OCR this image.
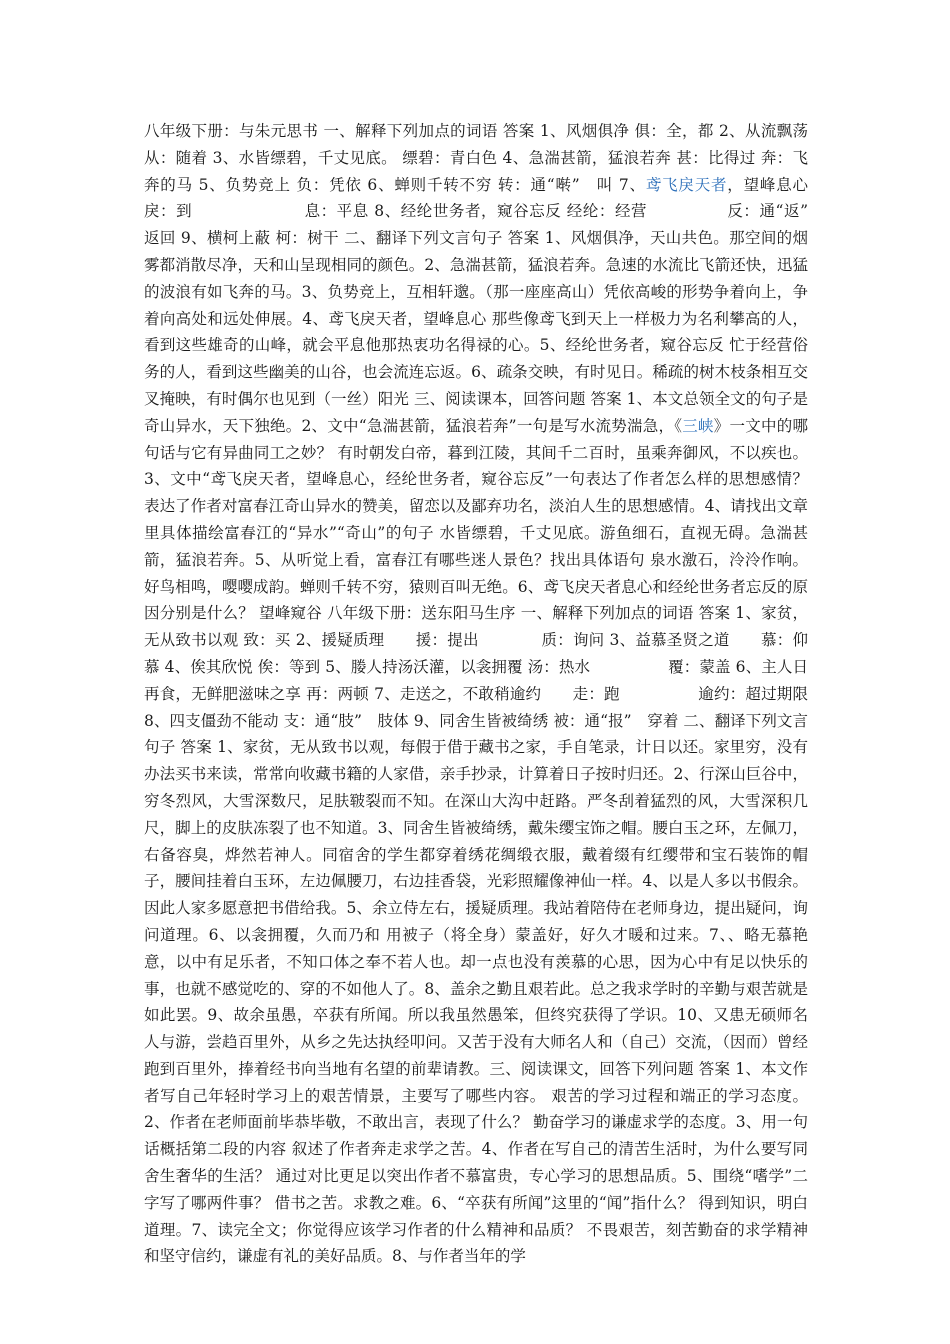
八年级下册：与朱元思书 一、解释下列加点的词语 答案 1、风烟俱净 俱：全，都 2、从流飘荡 从：随着 3、水皆缥碧，千丈见底。 缥碧：青白色 4、急湍甚箭，猛浪若奔 甚：比得过 奔：飞奔的马 5、负势竞上 负：凭依 6、蝉则千转不穷 转：通“啭”　叫 7、鸢飞戾天者，望峰息心 戾：到　　　　　　　息：平息 8、经纶世务者，窥谷忘反 经纶：经营　　　　　反：通“返”　返回 9、横柯上蔽 柯：树干 二、翻译下列文言句子 答案 1、风烟俱净，天山共色。那空间的烟雾都消散尽净，天和山呈现相同的颜色。2、急湍甚箭，猛浪若奔。急速的水流比飞箭还快，迅猛的波浪有如飞奔的马。3、负势竞上，互相轩邈。（那一座座高山）凭依高峻的形势争着向上，争着向高处和远处伸展。4、鸢飞戾天者，望峰息心 那些像鸢飞到天上一样极力为名利攀高的人，看到这些雄奇的山峰，就会平息他那热衷功名得禄的心。5、经纶世务者，窥谷忘反 忙于经营俗务的人，看到这些幽美的山谷，也会流连忘返。6、疏条交映，有时见日。稀疏的树木枝条相互交叉掩映，有时偶尔也见到（一丝）阳光 三、阅读课本，回答问题 答案 1、本文总领全文的句子是 奇山异水，天下独绝。2、文中“急湍甚箭，猛浪若奔”一句是写水流势湍急，《三峡》一文中的哪句话与它有异曲同工之妙？ 有时朝发白帝，暮到江陵，其间千二百时，虽乘奔御风，不以疾也。3、文中“鸢飞戾天者，望峰息心，经纶世务者，窥谷忘反”一句表达了作者怎么样的思想感情？ 表达了作者对富春江奇山异水的赞美，留恋以及鄙弃功名，淡泊人生的思想感情。4、请找出文章里具体描绘富春江的“异水”“奇山”的句子 水皆缥碧，千丈见底。游鱼细石，直视无碍。急湍甚箭，猛浪若奔。5、从听觉上看，富春江有哪些迷人景色？找出具体语句 泉水激石，泠泠作响。好鸟相鸣，嘤嘤成韵。蝉则千转不穷，猿则百叫无绝。6、鸢飞戾天者息心和经纶世务者忘反的原因分别是什么？ 望峰窥谷 八年级下册：送东阳马生序 一、解释下列加点的词语 答案 1、家贫，无从致书以观 致：买 2、援疑质理　　援：提出　　　　质：询问 3、益慕圣贤之道　　慕：仰慕 4、俟其欣悦 俟：等到 5、媵人持汤沃灌，以衾拥覆 汤：热水　　　　　覆：蒙盖 6、主人日再食，无鲜肥滋味之享 再：两顿 7、走送之，不敢稍逾约　　走：跑　　　　　逾约：超过期限 8、四支僵劲不能动 支：通“肢”　肢体 9、同舍生皆被绮绣 被：通“报”　穿着 二、翻译下列文言句子 答案 1、家贫，无从致书以观，每假于借于藏书之家，手自笔录，计日以还。家里穷，没有办法买书来读，常常向收藏书籍的人家借，亲手抄录，计算着日子按时归还。2、行深山巨谷中，穷冬烈风，大雪深数尺，足肤皲裂而不知。在深山大沟中赶路。严冬刮着猛烈的风，大雪深积几尺，脚上的皮肤冻裂了也不知道。3、同舍生皆被绮绣，戴朱缨宝饰之帽。腰白玉之环，左佩刀，右备容臭，烨然若神人。同宿舍的学生都穿着绣花绸缎衣服，戴着缀有红缨带和宝石装饰的帽子，腰间挂着白玉环，左边佩腰刀，右边挂香袋，光彩照耀像神仙一样。4、以是人多以书假余。因此人家多愿意把书借给我。5、余立侍左右，援疑质理。我站着陪侍在老师身边，提出疑问，询问道理。6、以衾拥覆，久而乃和 用被子（将全身）蒙盖好，好久才暖和过来。7、、略无慕艳意，以中有足乐者，不知口体之奉不若人也。却一点也没有羡慕的心思，因为心中有足以快乐的事，也就不感觉吃的、穿的不如他人了。8、盖余之勤且艰若此。总之我求学时的辛勤与艰苦就是如此罢。9、故余虽愚，卒获有所闻。所以我虽然愚笨，但终究获得了学识。10、又患无硕师名人与游，尝趋百里外，从乡之先达执经叩问。又苦于没有大师名人和（自己）交流，（因而）曾经跑到百里外，捧着经书向当地有名望的前辈请教。三、阅读课文，回答下列问题 答案 1、本文作者写自己年轻时学习上的艰苦情景，主要写了哪些内容。 艰苦的学习过程和端正的学习态度。2、作者在老师面前毕恭毕敬，不敢出言，表现了什么？ 勤奋学习的谦虚求学的态度。3、用一句话概括第二段的内容 叙述了作者奔走求学之苦。4、作者在写自己的清苦生活时，为什么要写同舍生奢华的生活？ 通过对比更足以突出作者不慕富贵，专心学习的思想品质。5、围绕“嗜学”二字写了哪两件事？ 借书之苦。求教之难。6、“卒获有所闻”这里的“闻”指什么？ 得到知识，明白道理。7、读完全文；你觉得应该学习作者的什么精神和品质？ 不畏艰苦，刻苦勤奋的求学精神和坚守信约，谦虚有礼的美好品质。8、与作者当年的学
